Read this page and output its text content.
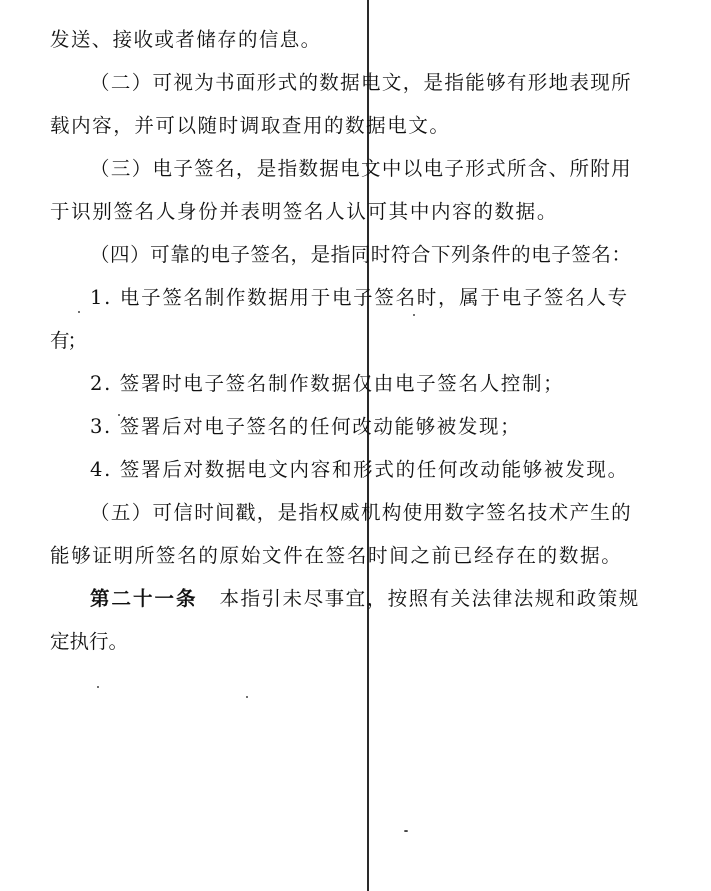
发送、接收或者储存的信息。
（二）可视为书面形式的数据电文，是指能够有形地表现所
载内容，并可以随时调取查用的数据电文。
（三）电子签名，是指数据电文中以电子形式所含、所附用
于识别签名人身份并表明签名人认可其中内容的数据。
（四）可靠的电子签名，是指同时符合下列条件的电子签名：
1. 电子签名制作数据用于电子签名时，属于电子签名人专
有；
2. 签署时电子签名制作数据仅由电子签名人控制；
3. 签署后对电子签名的任何改动能够被发现；
4. 签署后对数据电文内容和形式的任何改动能够被发现。
（五）可信时间戳，是指权威机构使用数字签名技术产生的
能够证明所签名的原始文件在签名时间之前已经存在的数据。
第二十一条 本指引未尽事宜，按照有关法律法规和政策规
定执行。
